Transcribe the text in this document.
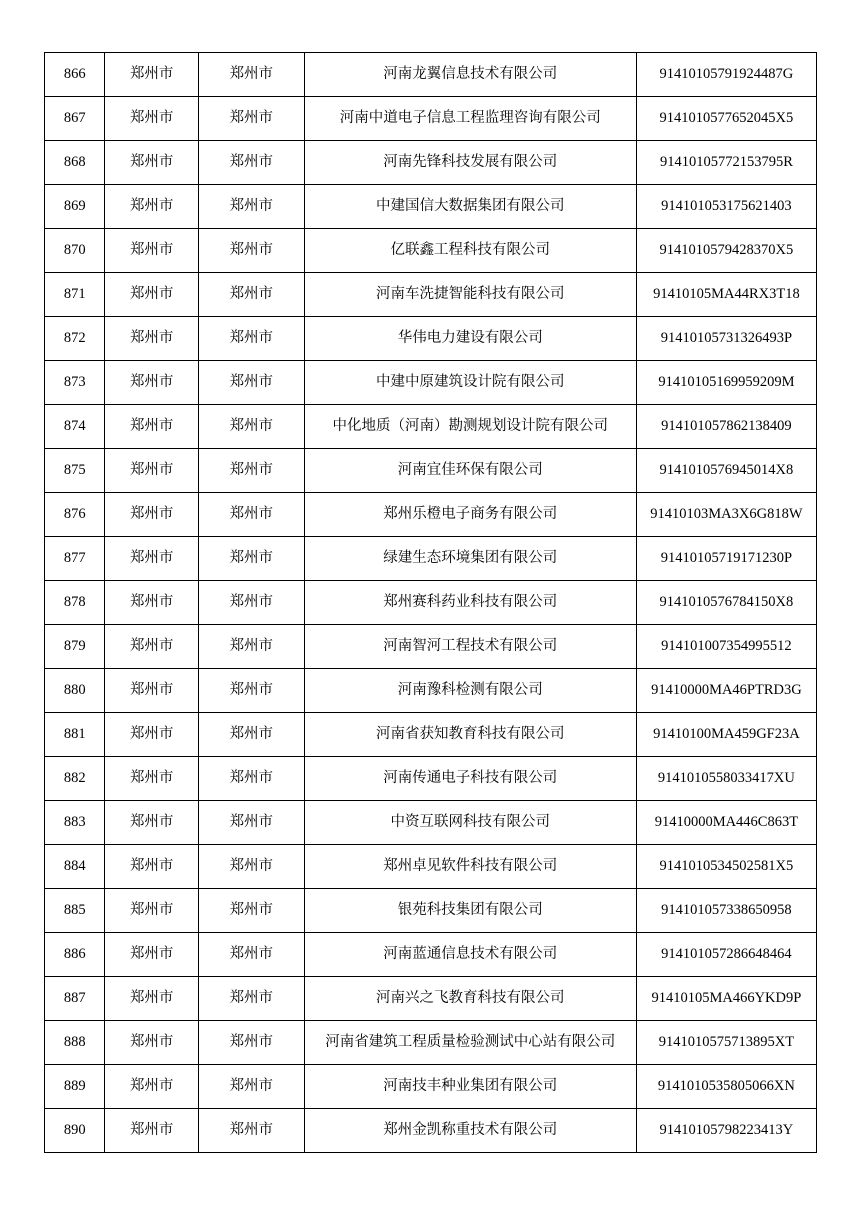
866	郑州市	郑州市	河南龙翼信息技术有限公司	91410105791924487G
867	郑州市	郑州市	河南中道电子信息工程监理咨询有限公司	9141010577652045X5
868	郑州市	郑州市	河南先锋科技发展有限公司	91410105772153795R
869	郑州市	郑州市	中建国信大数据集团有限公司	914101053175621403
870	郑州市	郑州市	亿联鑫工程科技有限公司	9141010579428370X5
871	郑州市	郑州市	河南车洗捷智能科技有限公司	91410105MA44RX3T18
872	郑州市	郑州市	华伟电力建设有限公司	91410105731326493P
873	郑州市	郑州市	中建中原建筑设计院有限公司	91410105169959209M
874	郑州市	郑州市	中化地质（河南）勘测规划设计院有限公司	914101057862138409
875	郑州市	郑州市	河南宜佳环保有限公司	9141010576945014X8
876	郑州市	郑州市	郑州乐橙电子商务有限公司	91410103MA3X6G818W
877	郑州市	郑州市	绿建生态环境集团有限公司	91410105719171230P
878	郑州市	郑州市	郑州赛科药业科技有限公司	9141010576784150X8
879	郑州市	郑州市	河南智河工程技术有限公司	914101007354995512
880	郑州市	郑州市	河南豫科检测有限公司	91410000MA46PTRD3G
881	郑州市	郑州市	河南省获知教育科技有限公司	91410100MA459GF23A
882	郑州市	郑州市	河南传通电子科技有限公司	9141010558033417XU
883	郑州市	郑州市	中资互联网科技有限公司	91410000MA446C863T
884	郑州市	郑州市	郑州卓见软件科技有限公司	9141010534502581X5
885	郑州市	郑州市	银苑科技集团有限公司	914101057338650958
886	郑州市	郑州市	河南蓝通信息技术有限公司	914101057286648464
887	郑州市	郑州市	河南兴之飞教育科技有限公司	91410105MA466YKD9P
888	郑州市	郑州市	河南省建筑工程质量检验测试中心站有限公司	9141010575713895XT
889	郑州市	郑州市	河南技丰种业集团有限公司	9141010535805066XN
890	郑州市	郑州市	郑州金凯称重技术有限公司	91410105798223413Y
